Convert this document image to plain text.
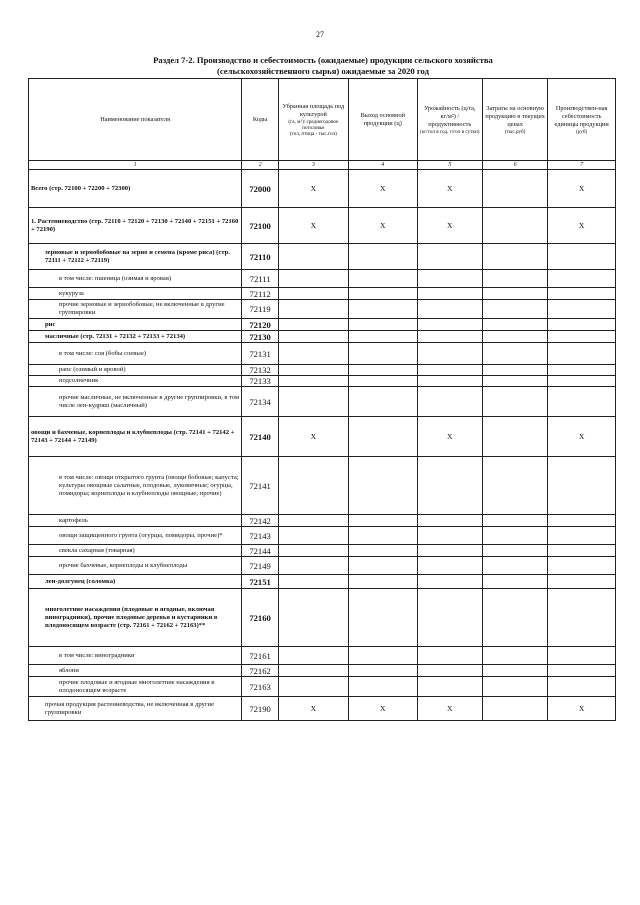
27
Раздел 7-2. Производство и себестоимость (ожидаемые) продукции сельского хозяйства
(сельскохозяйственного сырья) ожидаемые за 2020 год
Наименование показателя	Коды	Убранная площадь под культурой
(га, м²)/ среднегодовое поголовье
(гол, птица - тыс.гол)	Выход основной продукции (ц)	Урожайность (ц/га, кг/м²) / продуктивность
(кг/гол в год, г/гол в сутки)	Затраты на основную продукцию в текущих ценах
(тыс.руб)	Производствен-ная себестоимость единицы продукции
(руб)

1	2	3	4	5	6	7
Всего (стр. 72100 + 72200 + 72300)	72000	Х	Х	Х		Х
1. Растениеводство (стр. 72110 + 72120 + 72130 + 72140 + 72151 + 72160 + 72190)	72100	Х	Х	Х		Х
зерновые и зернобобовые на зерно и семена (кроме риса) (стр. 72111 + 72112 + 72119)	72110					
в том числе: пшеница (озимая и яровая)	72111					
кукуруза	72112					
прочие зерновые и зернобобовые, не включенные в другие группировки	72119					
рис	72120					
масличные (стр. 72131 + 72132 + 72133 + 72134)	72130					
в том числе: соя (бобы соевые)	72131					
рапс (озимый и яровой)	72132					
подсолнечник	72133					
прочие масличные, не включенные в другие группировки, в том числе лен-кудряш (масличный)	72134					
овощи и бахчевые, корнеплоды и клубнеплоды (стр. 72141 + 72142 + 72143 + 72144 + 72149)	72140	Х		Х		Х
в том числе: овощи открытого грунта (овощи бобовые; капуста; культуры овощные салатные, плодовые, луковичные; огурцы, помидоры; корнеплоды и клубнеплоды овощные; прочие)	72141					
картофель	72142					
овощи защищенного грунта (огурцы, помидоры, прочие)*	72143					
свекла сахарная (товарная)	72144					
прочие бахчевые, корнеплоды и клубнеплоды	72149					
лен-долгунец (соломка)	72151					
многолетние насаждения (плодовые и ягодные, включая виноградники), прочие плодовые деревья и кустарники в плодоносящем возрасте (стр. 72161 + 72162 + 72163)**	72160					
в том числе: виноградники	72161					
яблони	72162					
прочие плодовые и ягодные многолетние насаждения в плодоносящем возрасте	72163					
прочая продукция растениеводства, не включенная в другие группировки	72190	Х	Х	Х		Х
